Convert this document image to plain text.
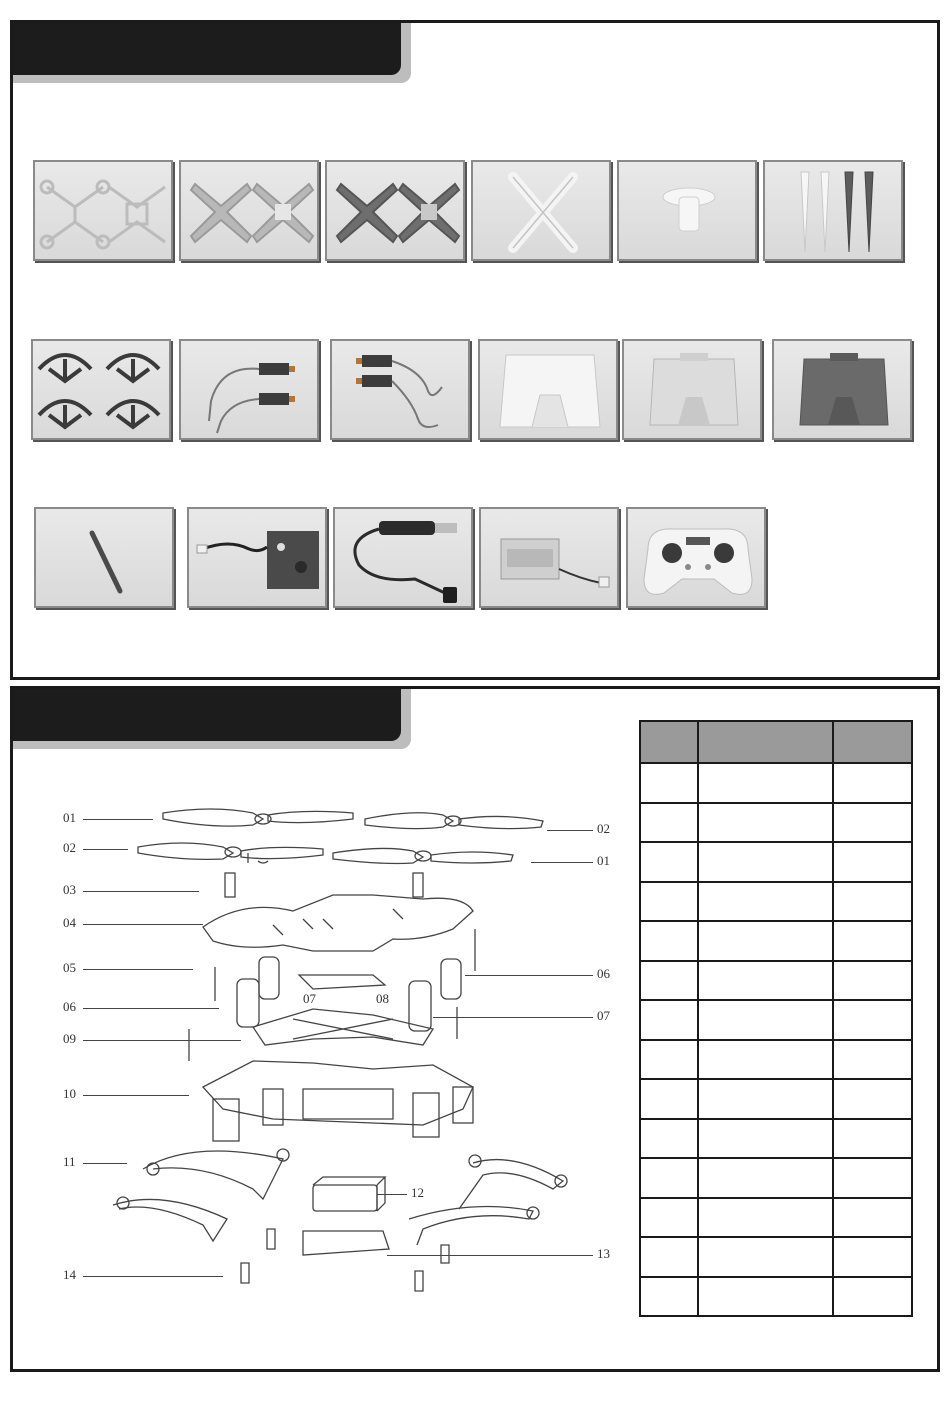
01
02
03
04
05
06
09
10
11
14
02
01
06
07
12
13
07	08
